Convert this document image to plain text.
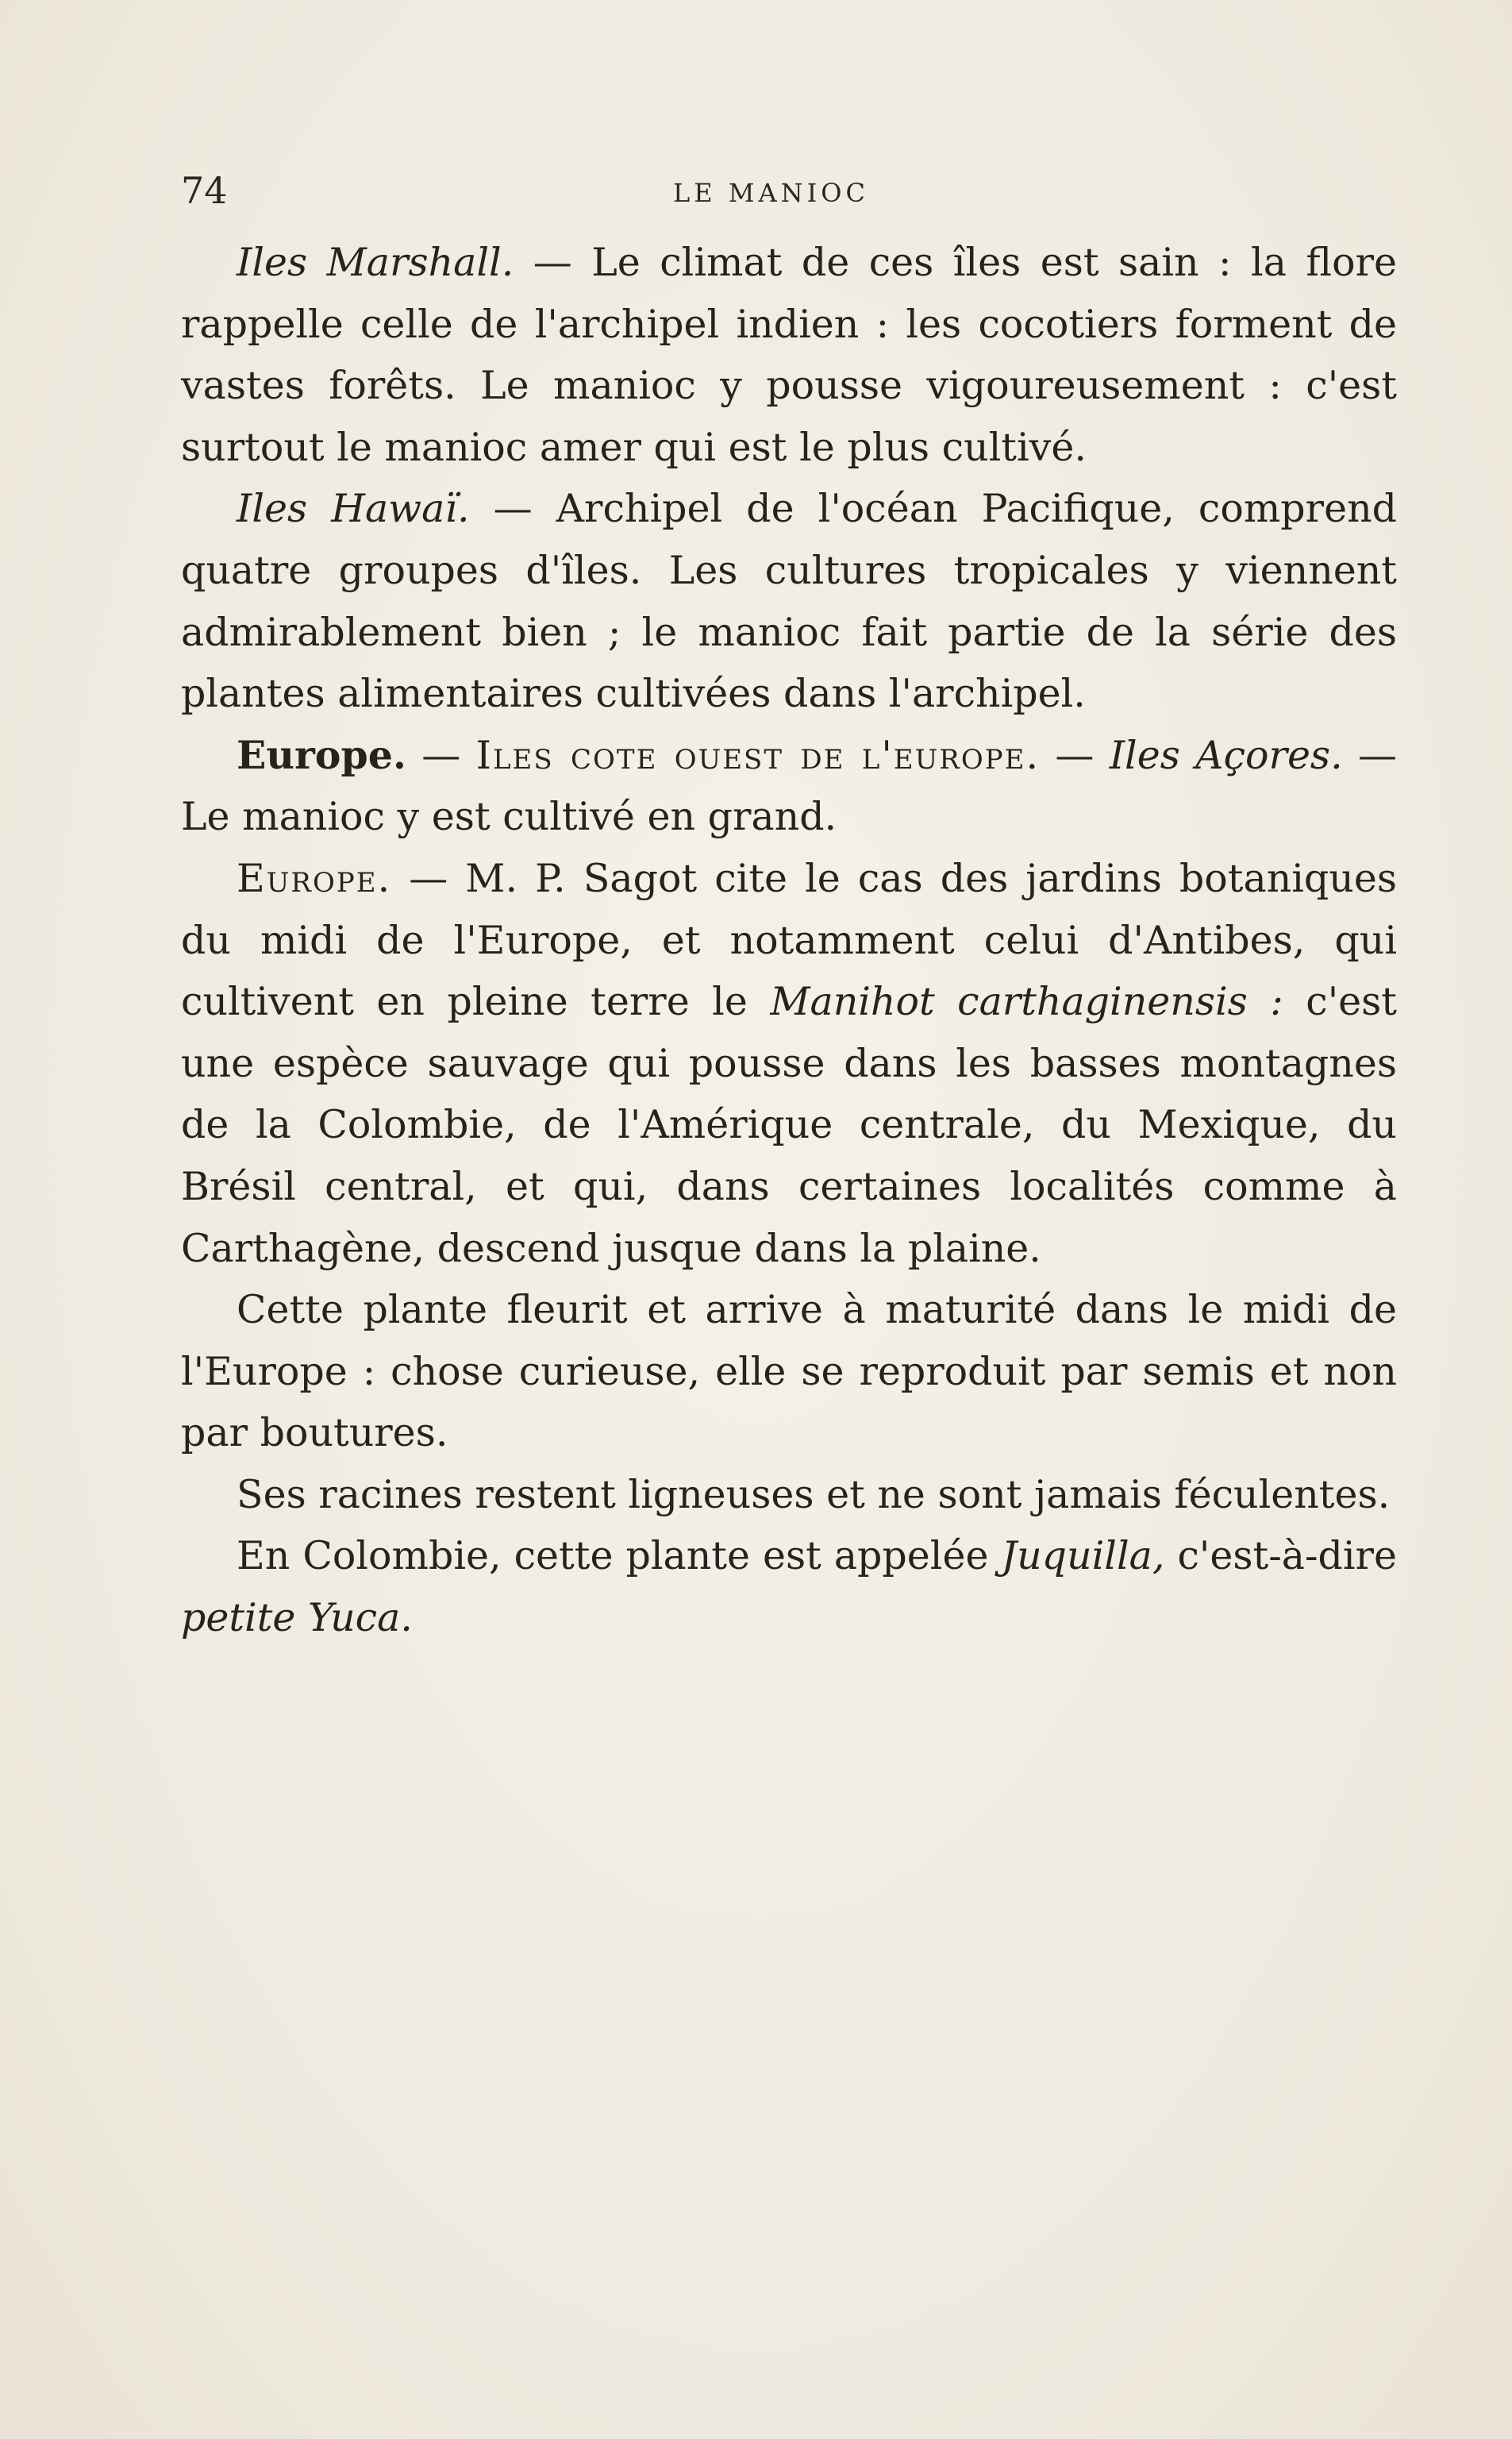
74	LE MANIOC

Iles Marshall. — Le climat de ces îles est sain : la flore rappelle celle de l'archipel indien : les cocotiers forment de vastes forêts. Le manioc y pousse vigoureusement : c'est surtout le manioc amer qui est le plus cultivé.

Iles Hawaï. — Archipel de l'océan Pacifique, comprend quatre groupes d'îles. Les cultures tropicales y viennent admirablement bien ; le manioc fait partie de la série des plantes alimentaires cultivées dans l'archipel.

Europe. — Iles cote ouest de l'europe. — Iles Açores. — Le manioc y est cultivé en grand.

Europe. — M. P. Sagot cite le cas des jardins botaniques du midi de l'Europe, et notamment celui d'Antibes, qui cultivent en pleine terre le Manihot carthaginensis : c'est une espèce sauvage qui pousse dans les basses montagnes de la Colombie, de l'Amérique centrale, du Mexique, du Brésil central, et qui, dans certaines localités comme à Carthagène, descend jusque dans la plaine.

Cette plante fleurit et arrive à maturité dans le midi de l'Europe : chose curieuse, elle se reproduit par semis et non par boutures.

Ses racines restent ligneuses et ne sont jamais féculentes.

En Colombie, cette plante est appelée Juquilla, c'est-à-dire petite Yuca.
